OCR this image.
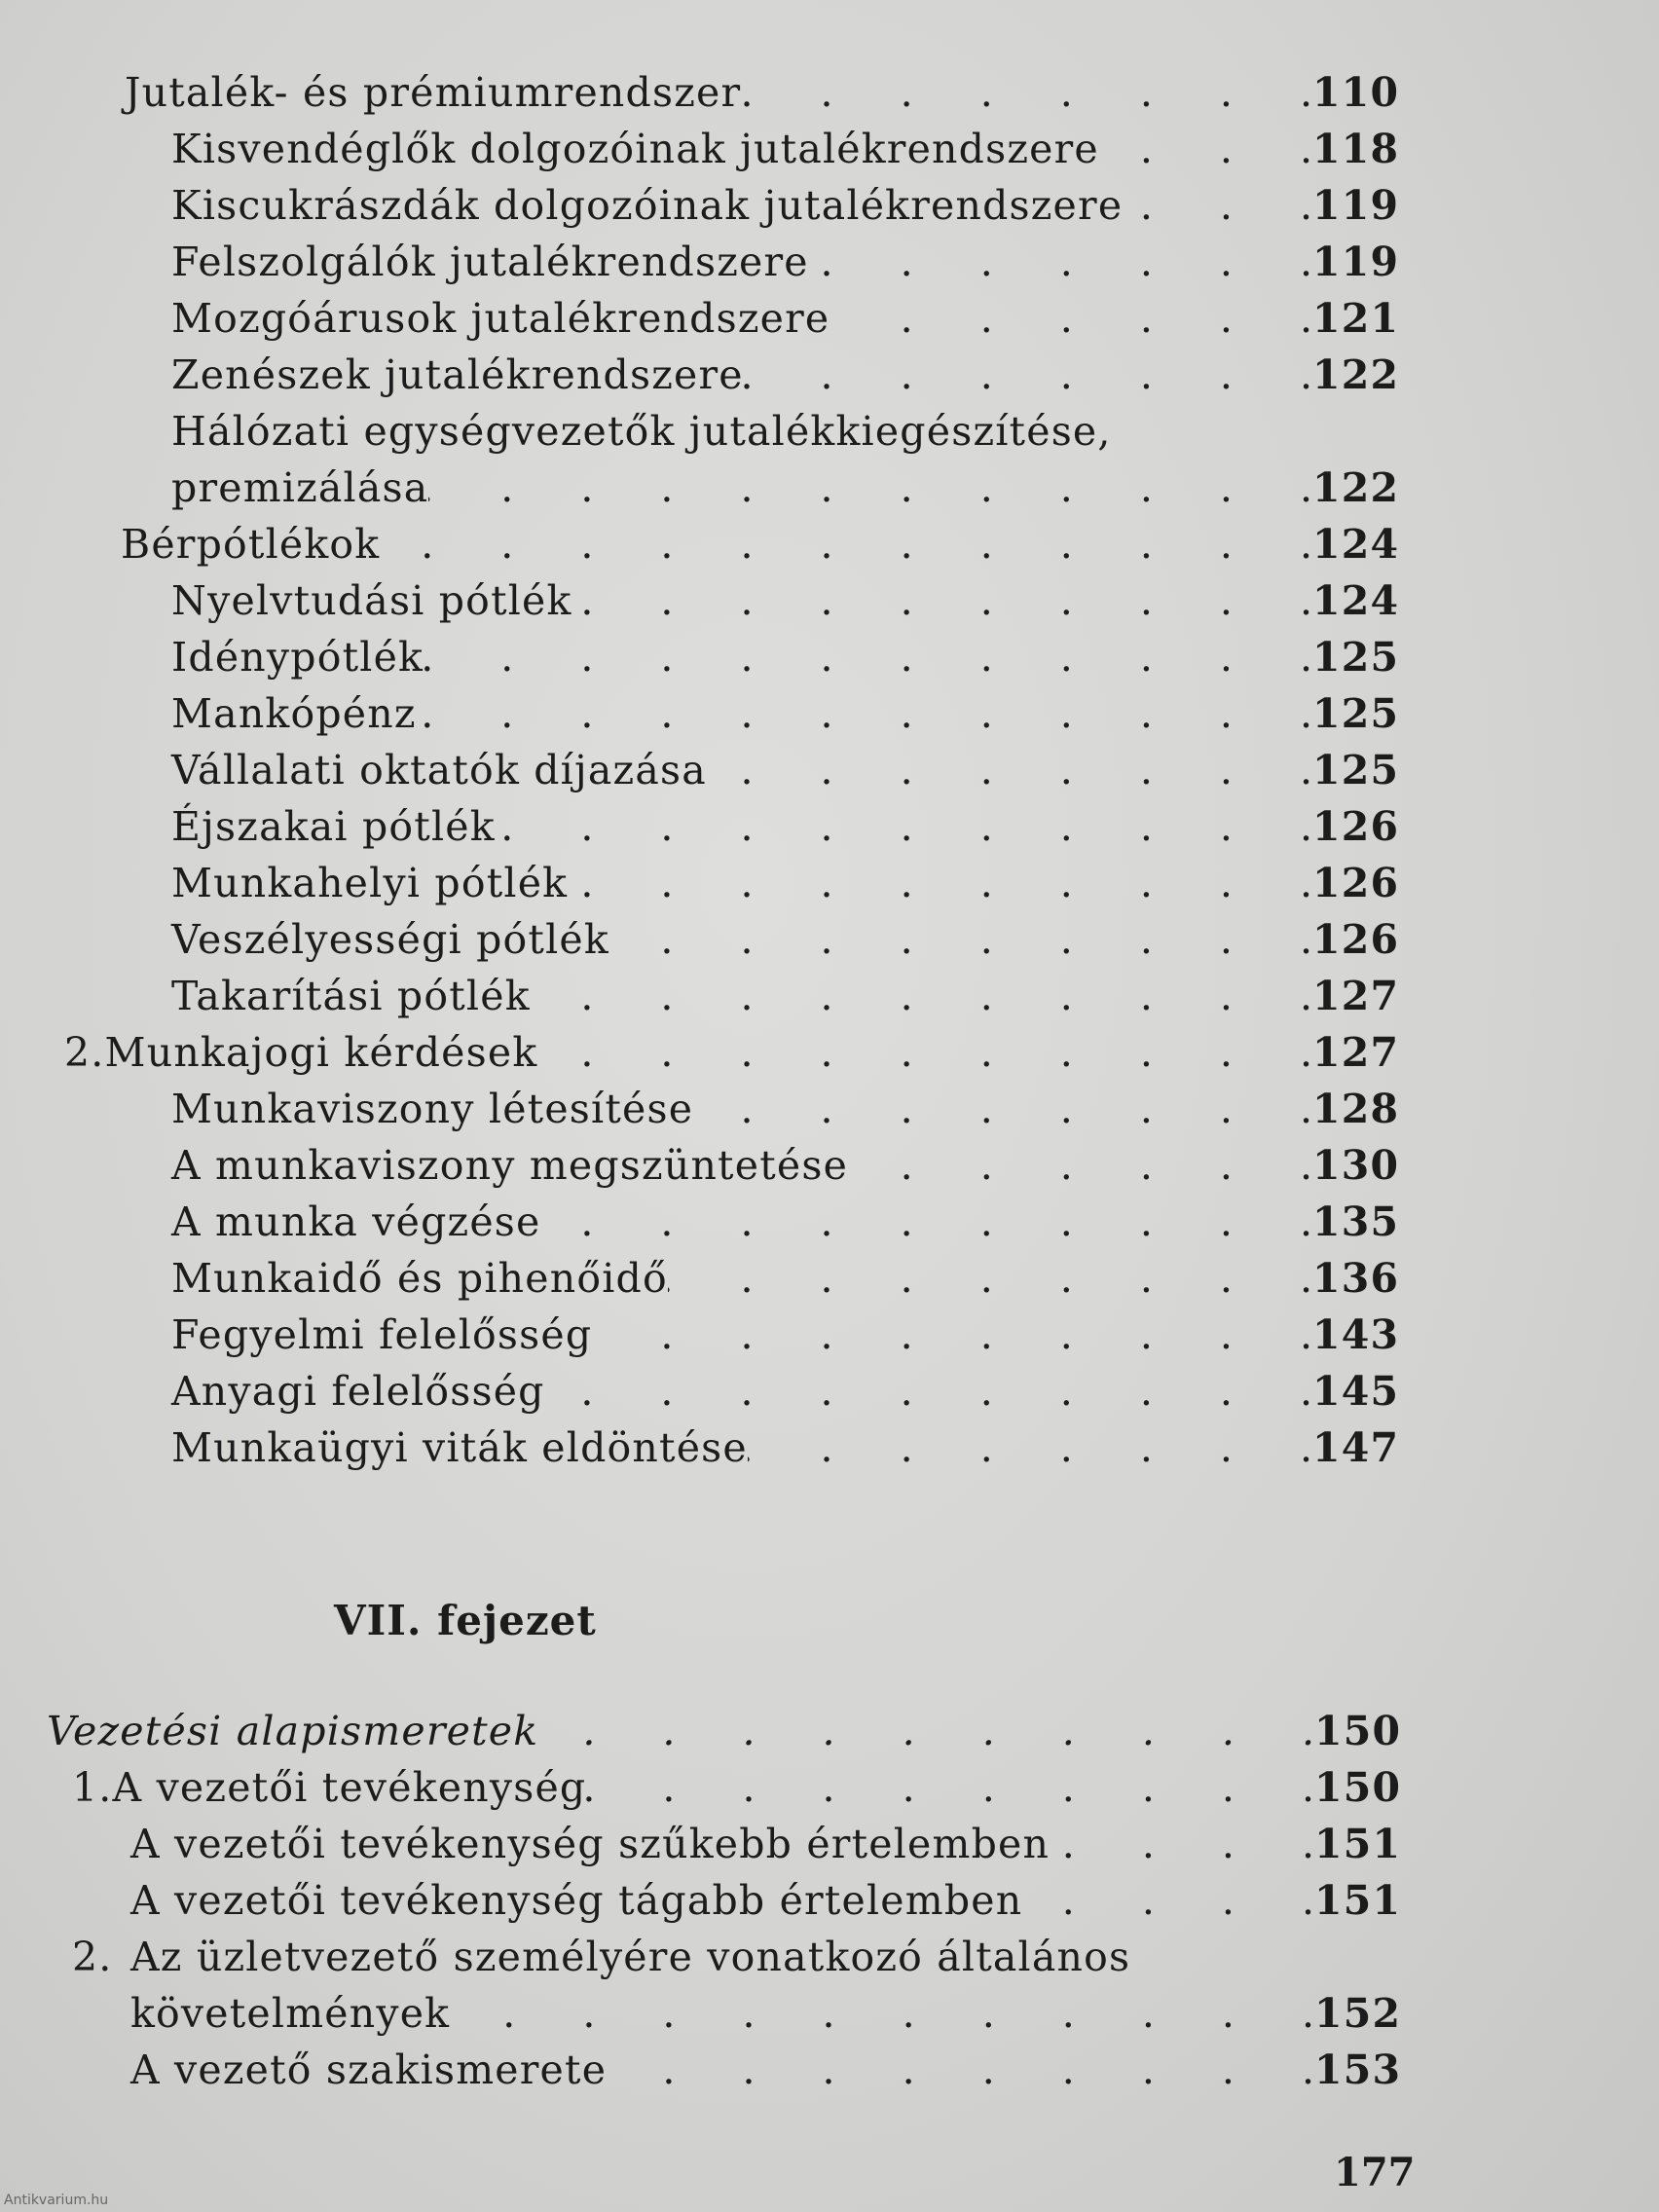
Jutalék- és prémiumrendszer . . .	110
Kisvendéglők dolgozóinak jutalékrendszere . . .	118
Kiscukrászdák dolgozóinak jutalékrendszere . . .	119
Felszolgálók jutalékrendszere . . .	119
Mozgóárusok jutalékrendszere . . .	121
Zenészek jutalékrendszere . . .	122
Hálózati egységvezetők jutalékkiegészítése,
premizálása . . .	122
Bérpótlékok . . .	124
Nyelvtudási pótlék . . .	124
Idénypótlék . . .	125
Mankópénz . . .	125
Vállalati oktatók díjazása . . .	125
Éjszakai pótlék . . .	126
Munkahelyi pótlék . . .	126
Veszélyességi pótlék . . .	126
Takarítási pótlék . . .	127
2. Munkajogi kérdések . . .	127
Munkaviszony létesítése . . .	128
A munkaviszony megszüntetése . . .	130
A munka végzése . . .	135
Munkaidő és pihenőidő . . .	136
Fegyelmi felelősség . . .	143
Anyagi felelősség . . .	145
Munkaügyi viták eldöntése . . .	147
VII. fejezet
Vezetési alapismeretek . . .	150
1. A vezetői tevékenység . . .	150
A vezetői tevékenység szűkebb értelemben . . .	151
A vezetői tevékenység tágabb értelemben . . .	151
2. Az üzletvezető személyére vonatkozó általános
követelmények . . .	152
A vezető szakismerete . . .	153
177
Antikvarium.hu
